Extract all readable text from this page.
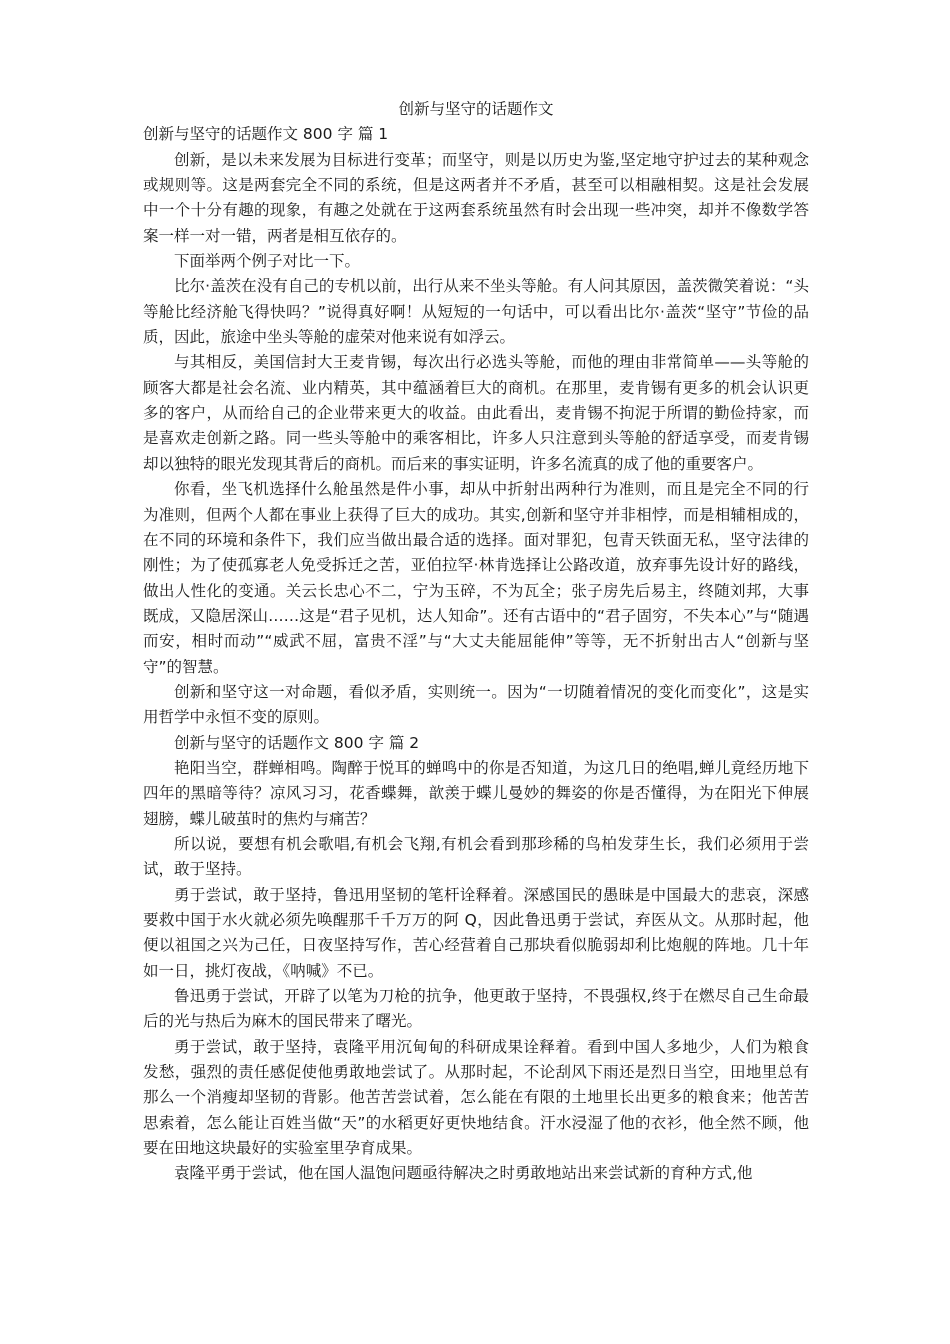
创新与坚守的话题作文

创新与坚守的话题作文 800 字 篇 1

创新，是以未来发展为目标进行变革；而坚守，则是以历史为鉴,坚定地守护过去的某种观念或规则等。这是两套完全不同的系统，但是这两者并不矛盾，甚至可以相融相契。这是社会发展中一个十分有趣的现象，有趣之处就在于这两套系统虽然有时会出现一些冲突，却并不像数学答案一样一对一错，两者是相互依存的。

下面举两个例子对比一下。

比尔·盖茨在没有自己的专机以前，出行从来不坐头等舱。有人问其原因，盖茨微笑着说：“头等舱比经济舱飞得快吗？”说得真好啊！从短短的一句话中，可以看出比尔·盖茨“坚守”节俭的品质，因此，旅途中坐头等舱的虚荣对他来说有如浮云。

与其相反，美国信封大王麦肯锡，每次出行必选头等舱，而他的理由非常简单——头等舱的顾客大都是社会名流、业内精英，其中蕴涵着巨大的商机。在那里，麦肯锡有更多的机会认识更多的客户，从而给自己的企业带来更大的收益。由此看出，麦肯锡不拘泥于所谓的勤俭持家，而是喜欢走创新之路。同一些头等舱中的乘客相比，许多人只注意到头等舱的舒适享受，而麦肯锡却以独特的眼光发现其背后的商机。而后来的事实证明，许多名流真的成了他的重要客户。

你看，坐飞机选择什么舱虽然是件小事，却从中折射出两种行为准则，而且是完全不同的行为准则，但两个人都在事业上获得了巨大的成功。其实,创新和坚守并非相悖，而是相辅相成的，在不同的环境和条件下，我们应当做出最合适的选择。面对罪犯，包青天铁面无私，坚守法律的刚性；为了使孤寡老人免受拆迁之苦，亚伯拉罕·林肯选择让公路改道，放弃事先设计好的路线，做出人性化的变通。关云长忠心不二，宁为玉碎，不为瓦全；张子房先后易主，终随刘邦，大事既成，又隐居深山……这是“君子见机，达人知命”。还有古语中的“君子固穷，不失本心”与“随遇而安，相时而动”“威武不屈，富贵不淫”与“大丈夫能屈能伸”等等，无不折射出古人“创新与坚守”的智慧。

创新和坚守这一对命题，看似矛盾，实则统一。因为“一切随着情况的变化而变化”，这是实用哲学中永恒不变的原则。

创新与坚守的话题作文 800 字 篇 2

艳阳当空，群蝉相鸣。陶醉于悦耳的蝉鸣中的你是否知道，为这几日的绝唱,蝉儿竟经历地下四年的黑暗等待？凉风习习，花香蝶舞，歆羡于蝶儿曼妙的舞姿的你是否懂得，为在阳光下伸展翅膀，蝶儿破茧时的焦灼与痛苦？

所以说，要想有机会歌唱,有机会飞翔,有机会看到那珍稀的鸟柏发芽生长，我们必须用于尝试，敢于坚持。

勇于尝试，敢于坚持，鲁迅用坚韧的笔杆诠释着。深感国民的愚昧是中国最大的悲哀，深感要救中国于水火就必须先唤醒那千千万万的阿 Q，因此鲁迅勇于尝试，弃医从文。从那时起，他便以祖国之兴为己任，日夜坚持写作，苦心经营着自己那块看似脆弱却利比炮舰的阵地。几十年如一日，挑灯夜战，《呐喊》不已。

鲁迅勇于尝试，开辟了以笔为刀枪的抗争，他更敢于坚持，不畏强权,终于在燃尽自己生命最后的光与热后为麻木的国民带来了曙光。

勇于尝试，敢于坚持，袁隆平用沉甸甸的科研成果诠释着。看到中国人多地少，人们为粮食发愁，强烈的责任感促使他勇敢地尝试了。从那时起，不论刮风下雨还是烈日当空，田地里总有那么一个消瘦却坚韧的背影。他苦苦尝试着，怎么能在有限的土地里长出更多的粮食来；他苦苦思索着，怎么能让百姓当做“天”的水稻更好更快地结食。汗水浸湿了他的衣衫，他全然不顾，他要在田地这块最好的实验室里孕育成果。

袁隆平勇于尝试，他在国人温饱问题亟待解决之时勇敢地站出来尝试新的育种方式,他
